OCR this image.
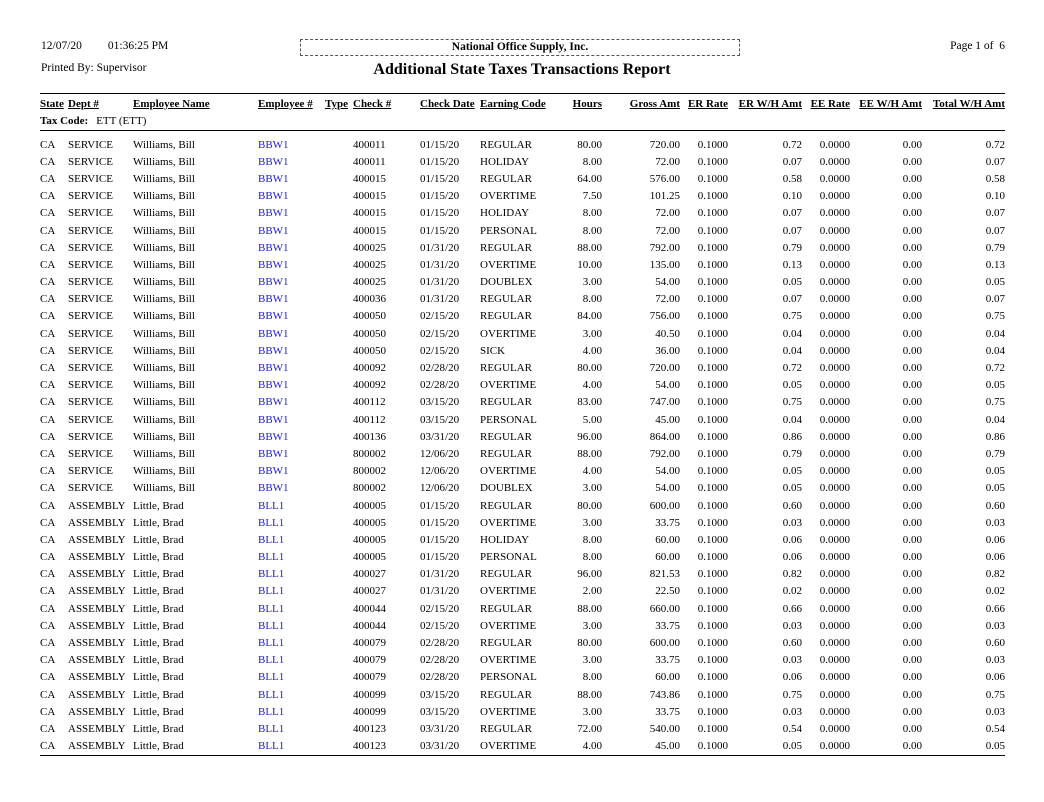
12/07/20 01:36:25 PM
Printed By: Supervisor
National Office Supply, Inc.
Additional State Taxes Transactions Report
Page 1 of  6
State	Dept #	Employee Name	Employee #	Type	Check #	Check Date	Earning Code	Hours	Gross Amt	ER Rate	ER W/H Amt	EE Rate	EE W/H Amt	Total W/H Amt
Tax Code: ETT (ETT)														

CA	SERVICE	Williams, Bill	BBW1		400011	01/15/20	REGULAR	80.00	720.00	0.1000	0.72	0.0000	0.00	0.72
CA	SERVICE	Williams, Bill	BBW1		400011	01/15/20	HOLIDAY	8.00	72.00	0.1000	0.07	0.0000	0.00	0.07
CA	SERVICE	Williams, Bill	BBW1		400015	01/15/20	REGULAR	64.00	576.00	0.1000	0.58	0.0000	0.00	0.58
CA	SERVICE	Williams, Bill	BBW1		400015	01/15/20	OVERTIME	7.50	101.25	0.1000	0.10	0.0000	0.00	0.10
CA	SERVICE	Williams, Bill	BBW1		400015	01/15/20	HOLIDAY	8.00	72.00	0.1000	0.07	0.0000	0.00	0.07
CA	SERVICE	Williams, Bill	BBW1		400015	01/15/20	PERSONAL	8.00	72.00	0.1000	0.07	0.0000	0.00	0.07
CA	SERVICE	Williams, Bill	BBW1		400025	01/31/20	REGULAR	88.00	792.00	0.1000	0.79	0.0000	0.00	0.79
CA	SERVICE	Williams, Bill	BBW1		400025	01/31/20	OVERTIME	10.00	135.00	0.1000	0.13	0.0000	0.00	0.13
CA	SERVICE	Williams, Bill	BBW1		400025	01/31/20	DOUBLEX	3.00	54.00	0.1000	0.05	0.0000	0.00	0.05
CA	SERVICE	Williams, Bill	BBW1		400036	01/31/20	REGULAR	8.00	72.00	0.1000	0.07	0.0000	0.00	0.07
CA	SERVICE	Williams, Bill	BBW1		400050	02/15/20	REGULAR	84.00	756.00	0.1000	0.75	0.0000	0.00	0.75
CA	SERVICE	Williams, Bill	BBW1		400050	02/15/20	OVERTIME	3.00	40.50	0.1000	0.04	0.0000	0.00	0.04
CA	SERVICE	Williams, Bill	BBW1		400050	02/15/20	SICK	4.00	36.00	0.1000	0.04	0.0000	0.00	0.04
CA	SERVICE	Williams, Bill	BBW1		400092	02/28/20	REGULAR	80.00	720.00	0.1000	0.72	0.0000	0.00	0.72
CA	SERVICE	Williams, Bill	BBW1		400092	02/28/20	OVERTIME	4.00	54.00	0.1000	0.05	0.0000	0.00	0.05
CA	SERVICE	Williams, Bill	BBW1		400112	03/15/20	REGULAR	83.00	747.00	0.1000	0.75	0.0000	0.00	0.75
CA	SERVICE	Williams, Bill	BBW1		400112	03/15/20	PERSONAL	5.00	45.00	0.1000	0.04	0.0000	0.00	0.04
CA	SERVICE	Williams, Bill	BBW1		400136	03/31/20	REGULAR	96.00	864.00	0.1000	0.86	0.0000	0.00	0.86
CA	SERVICE	Williams, Bill	BBW1		800002	12/06/20	REGULAR	88.00	792.00	0.1000	0.79	0.0000	0.00	0.79
CA	SERVICE	Williams, Bill	BBW1		800002	12/06/20	OVERTIME	4.00	54.00	0.1000	0.05	0.0000	0.00	0.05
CA	SERVICE	Williams, Bill	BBW1		800002	12/06/20	DOUBLEX	3.00	54.00	0.1000	0.05	0.0000	0.00	0.05
CA	ASSEMBLY	Little, Brad	BLL1		400005	01/15/20	REGULAR	80.00	600.00	0.1000	0.60	0.0000	0.00	0.60
CA	ASSEMBLY	Little, Brad	BLL1		400005	01/15/20	OVERTIME	3.00	33.75	0.1000	0.03	0.0000	0.00	0.03
CA	ASSEMBLY	Little, Brad	BLL1		400005	01/15/20	HOLIDAY	8.00	60.00	0.1000	0.06	0.0000	0.00	0.06
CA	ASSEMBLY	Little, Brad	BLL1		400005	01/15/20	PERSONAL	8.00	60.00	0.1000	0.06	0.0000	0.00	0.06
CA	ASSEMBLY	Little, Brad	BLL1		400027	01/31/20	REGULAR	96.00	821.53	0.1000	0.82	0.0000	0.00	0.82
CA	ASSEMBLY	Little, Brad	BLL1		400027	01/31/20	OVERTIME	2.00	22.50	0.1000	0.02	0.0000	0.00	0.02
CA	ASSEMBLY	Little, Brad	BLL1		400044	02/15/20	REGULAR	88.00	660.00	0.1000	0.66	0.0000	0.00	0.66
CA	ASSEMBLY	Little, Brad	BLL1		400044	02/15/20	OVERTIME	3.00	33.75	0.1000	0.03	0.0000	0.00	0.03
CA	ASSEMBLY	Little, Brad	BLL1		400079	02/28/20	REGULAR	80.00	600.00	0.1000	0.60	0.0000	0.00	0.60
CA	ASSEMBLY	Little, Brad	BLL1		400079	02/28/20	OVERTIME	3.00	33.75	0.1000	0.03	0.0000	0.00	0.03
CA	ASSEMBLY	Little, Brad	BLL1		400079	02/28/20	PERSONAL	8.00	60.00	0.1000	0.06	0.0000	0.00	0.06
CA	ASSEMBLY	Little, Brad	BLL1		400099	03/15/20	REGULAR	88.00	743.86	0.1000	0.75	0.0000	0.00	0.75
CA	ASSEMBLY	Little, Brad	BLL1		400099	03/15/20	OVERTIME	3.00	33.75	0.1000	0.03	0.0000	0.00	0.03
CA	ASSEMBLY	Little, Brad	BLL1		400123	03/31/20	REGULAR	72.00	540.00	0.1000	0.54	0.0000	0.00	0.54
CA	ASSEMBLY	Little, Brad	BLL1		400123	03/31/20	OVERTIME	4.00	45.00	0.1000	0.05	0.0000	0.00	0.05
